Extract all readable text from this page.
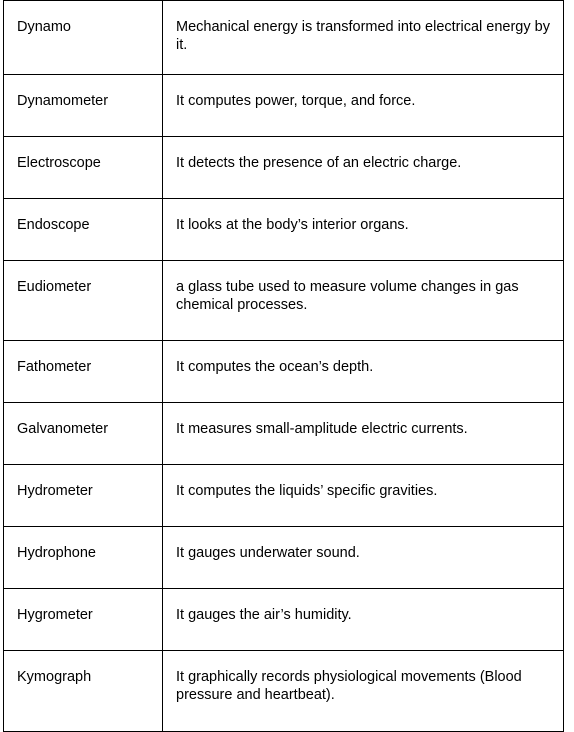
Dynamo	Mechanical energy is transformed into electrical energy by it.
Dynamometer	It computes power, torque, and force.
Electroscope	It detects the presence of an electric charge.
Endoscope	It looks at the body’s interior organs.
Eudiometer	a glass tube used to measure volume changes in gas chemical processes.
Fathometer	It computes the ocean’s depth.
Galvanometer	It measures small-amplitude electric currents.
Hydrometer	It computes the liquids’ specific gravities.
Hydrophone	It gauges underwater sound.
Hygrometer	It gauges the air’s humidity.
Kymograph	It graphically records physiological movements (Blood pressure and heartbeat).
